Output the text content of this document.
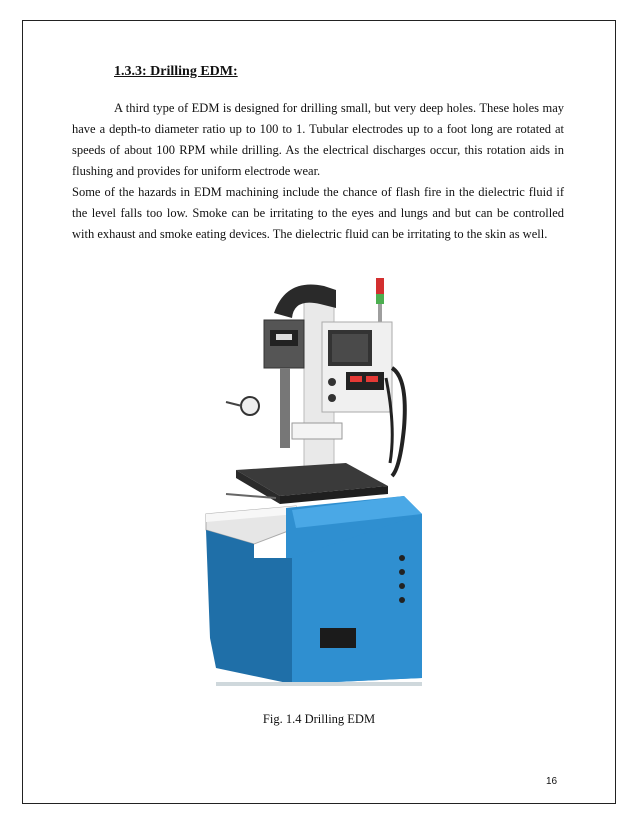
1.3.3: Drilling EDM:

A third type of EDM is designed for drilling small, but very deep holes. These holes may have a depth-to diameter ratio up to 100 to 1. Tubular electrodes up to a foot long are rotated at speeds of about 100 RPM while drilling. As the electrical discharges occur, this rotation aids in flushing and provides for uniform electrode wear.

Some of the hazards in EDM machining include the chance of flash fire in the dielectric fluid if the level falls too low. Smoke can be irritating to the eyes and lungs and but can be controlled with exhaust and smoke eating devices. The dielectric fluid can be irritating to the skin as well.

Fig. 1.4 Drilling EDM

16
